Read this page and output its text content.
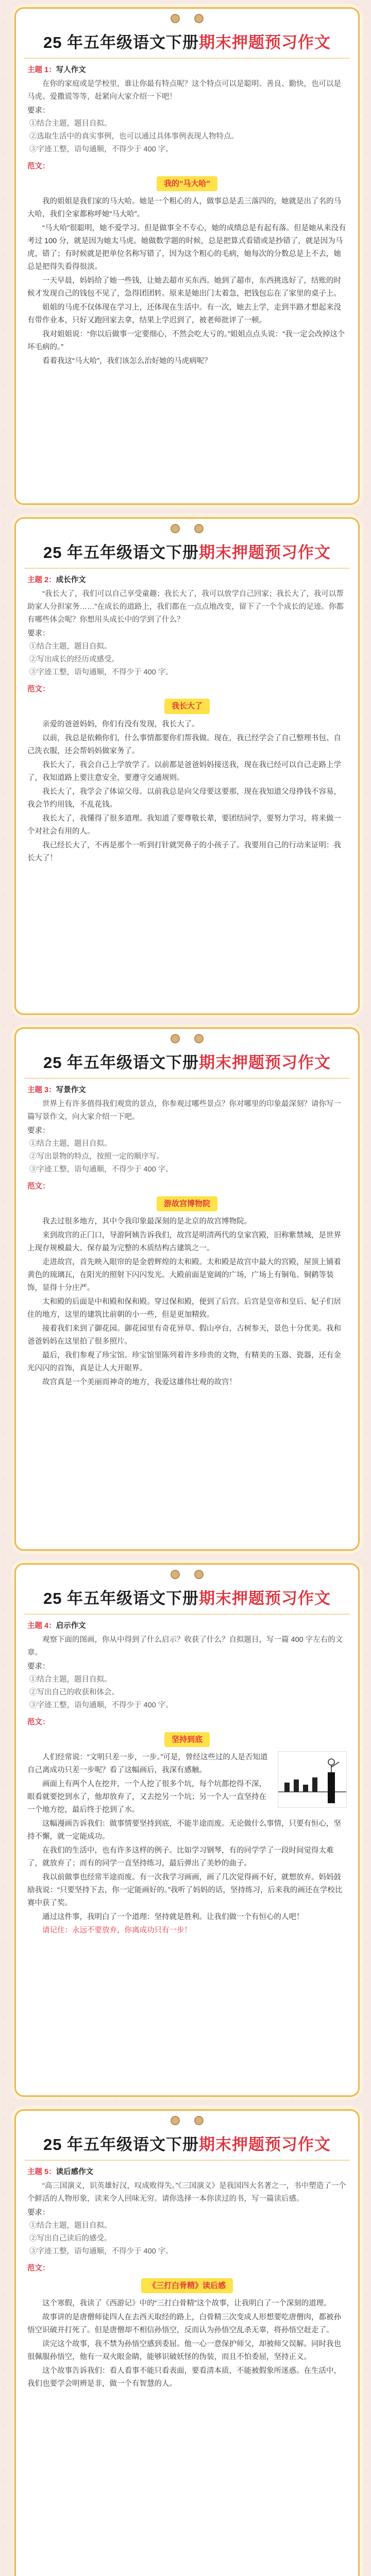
25 年五年级语文下册期末押题预习作文
主题 1：写人作文

在你的家庭或是学校里，谁让你最有特点呢？这个特点可以是聪明、善良、勤快，也可以是马虎、爱撒谎等等，赶紧向大家介绍一下吧！

要求：
①结合主题，题目自拟。
②选取生活中的真实事例，也可以通过具体事例表现人物特点。
③字迹工整，语句通顺，不得少于 400 字。
范文：
我的“马大哈”

我的姐姐是我们家的马大哈。她是一个粗心的人，做事总是丢三落四的，她就是出了名的马大哈，我们全家都称呼她“马大哈”。

“马大哈”很聪明，她不爱学习。但是做事全不专心，她的成绩总是有起有落。但是她从来没有考过 100 分，就是因为她太马虎。她做数学题的时候，总是把算式看错或是抄错了，就是因为马虎，错了；有时候就是把单位名称写错了，因为这个粗心的毛病，她每次的分数总是上不去，她总是把得失看得很淡。

一天早晨，妈妈给了她一些钱，让她去超市买东西。她到了超市，东西挑选好了，结账的时候才发现自己的钱包不见了，急得团团转。原来是她出门太着急，把钱包忘在了家里的桌子上。

姐姐的马虎不仅体现在学习上，还体现在生活中。有一次，她去上学，走到半路才想起来没有带作业本，只好又跑回家去拿，结果上学迟到了，被老师批评了一顿。

我对姐姐说：“你以后做事一定要细心，不然会吃大亏的。”姐姐点点头说：“我一定会改掉这个坏毛病的。”

看着我这“马大哈”，我们该怎么治好她的马虎病呢？

25 年五年级语文下册期末押题预习作文
主题 2：成长作文

“我长大了，我们可以自己享受童趣；我长大了，我可以放学自己回家；我长大了，我可以帮助家人分担家务……”在成长的道路上，我们都在一点点地改变，留下了一个个成长的足迹。你都有哪些体会呢？你想用头成长中的学到了什么？

要求：
①结合主题，题目自拟。
②写出成长的经历或感受。
③字迹工整，语句通顺，不得少于 400 字。
范文：
我长大了

亲爱的爸爸妈妈，你们有没有发现，我长大了。

以前，我总是依赖你们，什么事情都要你们帮我做。现在，我已经学会了自己整理书包、自己洗衣服，还会帮妈妈做家务了。

我长大了，我会自己上学放学了。以前都是爸爸妈妈接送我，现在我已经可以自己走路上学了，我知道路上要注意安全，要遵守交通规则。

我长大了，我学会了体谅父母。以前我总是向父母要这要那，现在我知道父母挣钱不容易，我会节约用钱，不乱花钱。

我长大了，我懂得了很多道理。我知道了要尊敬长辈，要团结同学，要努力学习，将来做一个对社会有用的人。

我已经长大了，不再是那个一听到打针就哭鼻子的小孩子了。我要用自己的行动来证明：我长大了！

25 年五年级语文下册期末押题预习作文
主题 3：写景作文

世界上有许多值得我们观赏的景点，你参观过哪些景点？你对哪里的印象最深刻？请你写一篇写景作文，向大家介绍一下吧。

要求：
①结合主题，题目自拟。
②写出景物的特点，按照一定的顺序写。
③字迹工整，语句通顺，不得少于 400 字。
范文：
游故宫博物院

我去过很多地方，其中令我印象最深刻的是北京的故宫博物院。

来到故宫的正门口，导游阿姨告诉我们，故宫是明清两代的皇家宫殿，旧称紫禁城，是世界上现存规模最大、保存最为完整的木质结构古建筑之一。

走进故宫，首先映入眼帘的是金碧辉煌的太和殿。太和殿是故宫中最大的宫殿，屋顶上铺着黄色的琉璃瓦，在阳光的照射下闪闪发光。大殿前面是宽阔的广场，广场上有铜龟、铜鹤等装饰，显得十分庄严。

太和殿的后面是中和殿和保和殿。穿过保和殿，便到了后宫。后宫是皇帝和皇后、妃子们居住的地方，这里的建筑比前朝的小一些，但是更加精致。

接着我们来到了御花园。御花园里有奇花异草、假山亭台，古树参天，景色十分优美。我和爸爸妈妈在这里拍了很多照片。

最后，我们参观了珍宝馆。珍宝馆里陈列着许多珍贵的文物，有精美的玉器、瓷器，还有金光闪闪的首饰，真是让人大开眼界。

故宫真是一个美丽而神奇的地方，我爱这雄伟壮观的故宫！

25 年五年级语文下册期末押题预习作文
主题 4：启示作文

观察下面的图画，你从中得到了什么启示？收获了什么？自拟题目，写一篇 400 字左右的文章。

要求：
①结合主题，题目自拟。
②写出自己的收获和体会。
③字迹工整，语句通顺，不得少于 400 字。
范文：
坚持到底

人们经常说：“文明只差一步，一步。”可是，曾经这些过的人是否知道自己离成功只差一步呢？看了这幅画后，我深有感触。

画面上有两个人在挖井，一个人挖了很多个坑，每个坑都挖得不深，眼看就要挖到水了，他却放弃了，又去挖另一个坑；另一个人一直坚持在一个地方挖，最后终于挖到了水。

这幅漫画告诉我们：做事情要坚持到底，不能半途而废。无论做什么事情，只要有恒心，坚持不懈，就一定能成功。

在我们的生活中，也有许多这样的例子。比如学习钢琴，有的同学学了一段时间觉得太难了，就放弃了；而有的同学一直坚持练习，最后弹出了美妙的曲子。

我以前做事也经常半途而废。有一次我学习画画，画了几次觉得画不好，就想放弃。妈妈鼓励我说：“只要坚持下去，你一定能画好的。”我听了妈妈的话，坚持练习，后来我的画还在学校比赛中获了奖。

通过这件事，我明白了一个道理：坚持就是胜利。让我们做一个有恒心的人吧！

请记住：永远不要放弃，你离成功只有一步！

25 年五年级语文下册期末押题预习作文
主题 5：读后感作文

“高三国演义，识英雄好汉，叹成败得失。”《三国演义》是我国四大名著之一，书中塑造了一个个鲜活的人物形象，读来令人回味无穷。请你选择一本你读过的书，写一篇读后感。

要求：
①结合主题，题目自拟。
②写出自己读后的感受。
③字迹工整，语句通顺，不得少于 400 字。
范文：
《三打白骨精》读后感

这个寒假，我读了《西游记》中的“三打白骨精”这个故事，让我明白了一个深刻的道理。

故事讲的是唐僧师徒四人在去西天取经的路上，白骨精三次变成人形想要吃唐僧肉，都被孙悟空识破并打死了。但是唐僧却不相信孙悟空，反而认为孙悟空乱杀无辜，将孙悟空赶走了。

读完这个故事，我不禁为孙悟空感到委屈。他一心一意保护师父，却被师父误解。同时我也很佩服孙悟空，他有一双火眼金睛，能够识破妖怪的伪装，而且不怕委屈，坚持正义。

这个故事告诉我们：看人看事不能只看表面，要看清本质，不能被假象所迷惑。在生活中，我们也要学会明辨是非，做一个有智慧的人。
